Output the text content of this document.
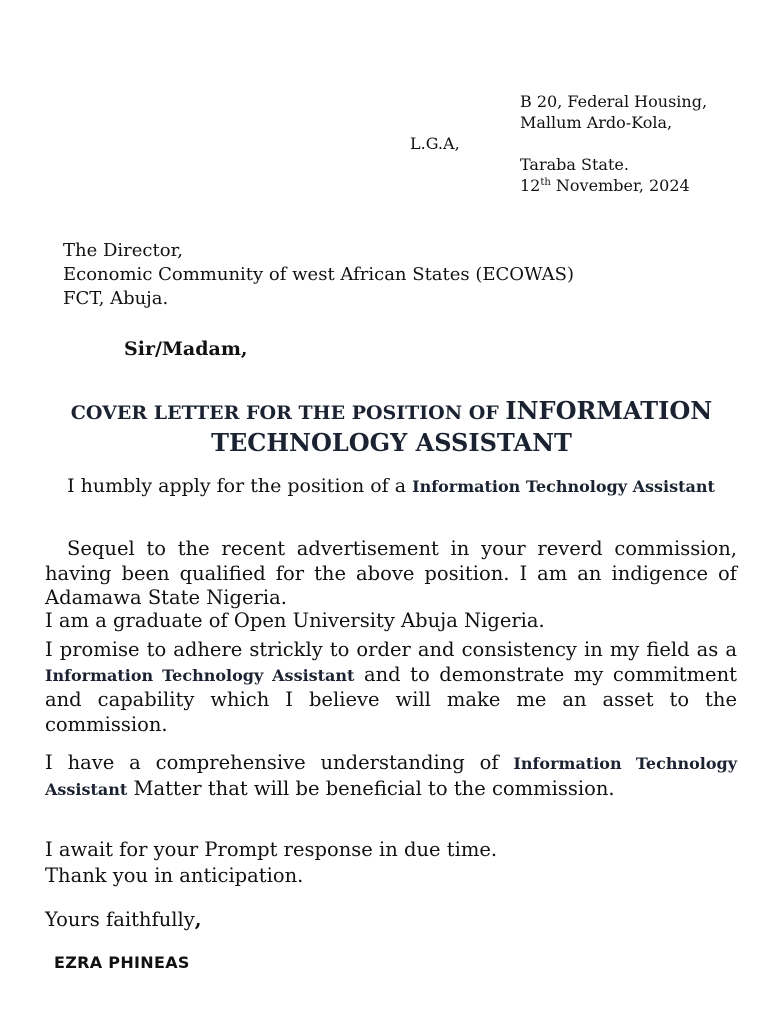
B 20, Federal Housing,
Mallum Ardo-Kola,

Taraba State.
12th November, 2024
L.G.A,
The Director,
Economic Community of west African States (ECOWAS)
FCT, Abuja.
Sir/Madam,
COVER LETTER FOR THE POSITION OF INFORMATION TECHNOLOGY ASSISTANT
I humbly apply for the position of a Information Technology Assistant
Sequel to the recent advertisement in your reverd commission, having been qualified for the above position. I am an indigence of Adamawa State Nigeria.
I am a graduate of Open University Abuja Nigeria.
I promise to adhere strickly to order and consistency in my field as a Information Technology Assistant and to demonstrate my commitment and capability which I believe will make me an asset to the commission.
I have a comprehensive understanding of Information Technology Assistant Matter that will be beneficial to the commission.
I await for your Prompt response in due time.
Thank you in anticipation.
Yours faithfully,
EZRA PHINEAS
